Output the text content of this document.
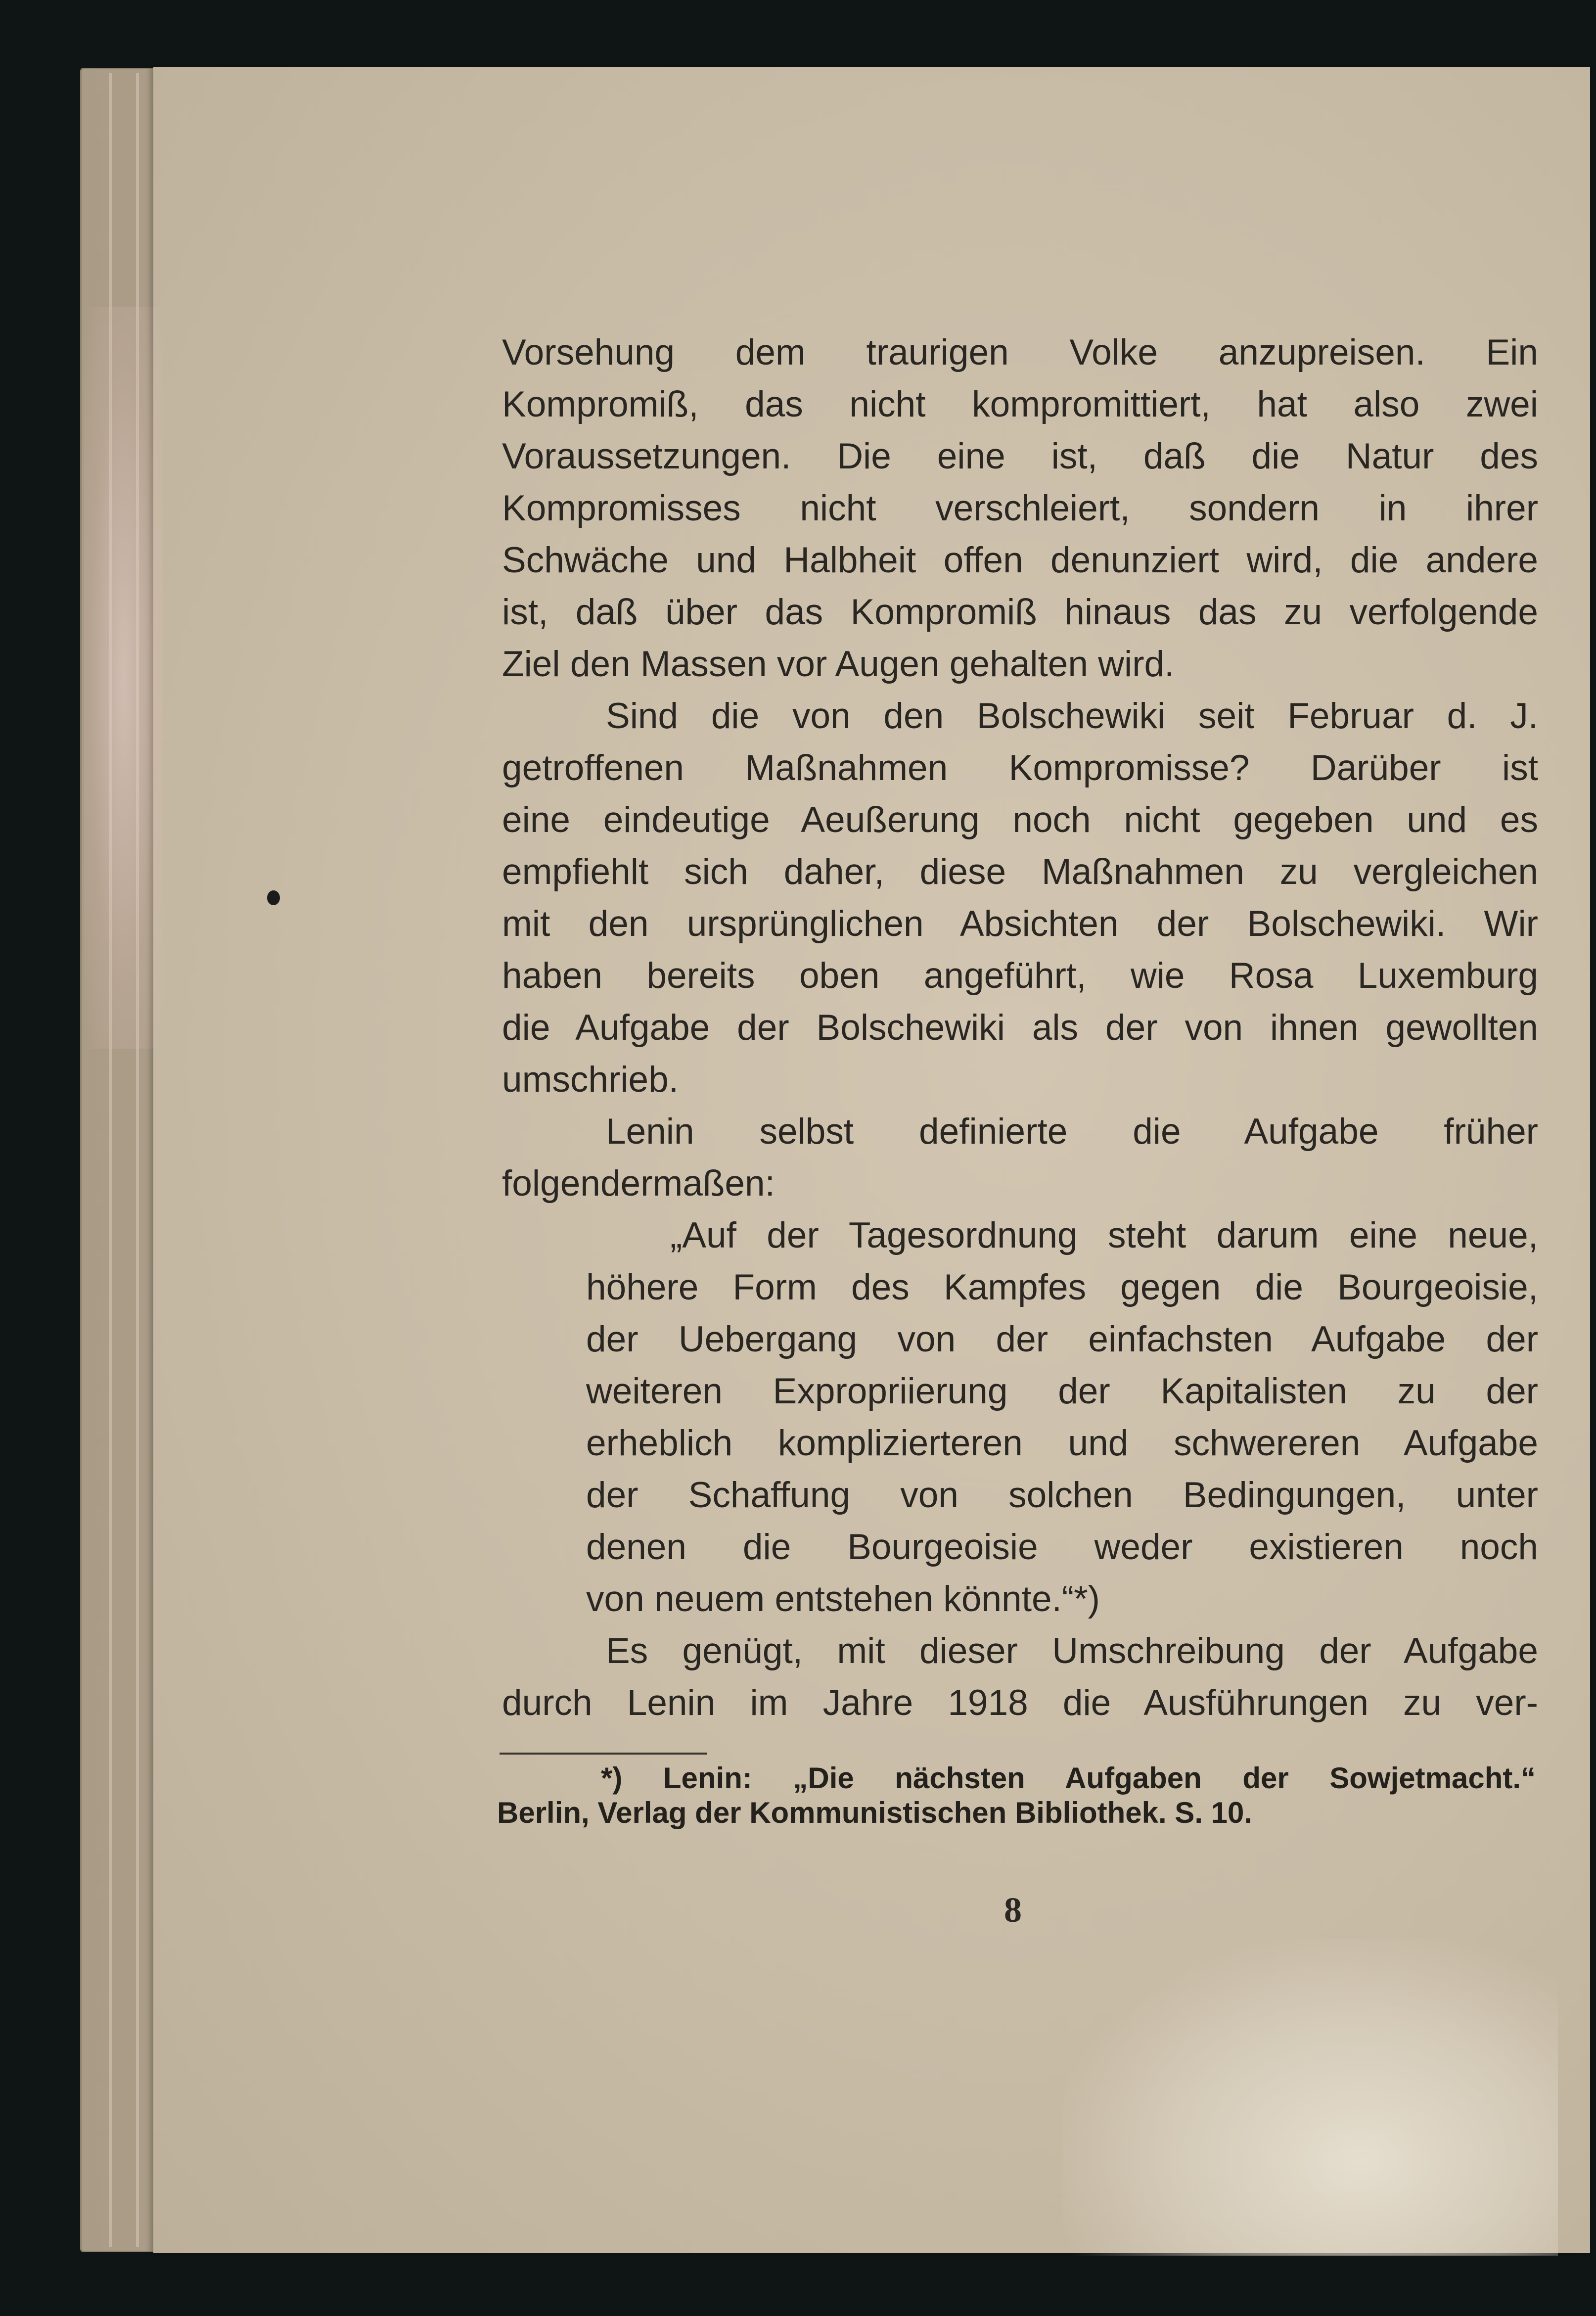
Vorsehung dem traurigen Volke anzupreisen. Ein
Kompromiß, das nicht kompromittiert, hat also zwei
Voraussetzungen. Die eine ist, daß die Natur des
Kompromisses nicht verschleiert, sondern in ihrer
Schwäche und Halbheit offen denunziert wird, die andere
ist, daß über das Kompromiß hinaus das zu verfolgende
Ziel den Massen vor Augen gehalten wird.
Sind die von den Bolschewiki seit Februar d. J.
getroffenen Maßnahmen Kompromisse? Darüber ist
eine eindeutige Aeußerung noch nicht gegeben und es
empfiehlt sich daher, diese Maßnahmen zu vergleichen
mit den ursprünglichen Absichten der Bolschewiki. Wir
haben bereits oben angeführt, wie Rosa Luxemburg
die Aufgabe der Bolschewiki als der von ihnen gewollten
umschrieb.
Lenin selbst definierte die Aufgabe früher
folgendermaßen:
„Auf der Tagesordnung steht darum eine neue,
höhere Form des Kampfes gegen die Bourgeoisie,
der Uebergang von der einfachsten Aufgabe der
weiteren Expropriierung der Kapitalisten zu der
erheblich komplizierteren und schwereren Aufgabe
der Schaffung von solchen Bedingungen, unter
denen die Bourgeoisie weder existieren noch
von neuem entstehen könnte.“*)
Es genügt, mit dieser Umschreibung der Aufgabe
durch Lenin im Jahre 1918 die Ausführungen zu ver-
*) Lenin: „Die nächsten Aufgaben der Sowjetmacht.“
Berlin, Verlag der Kommunistischen Bibliothek. S. 10.
8
